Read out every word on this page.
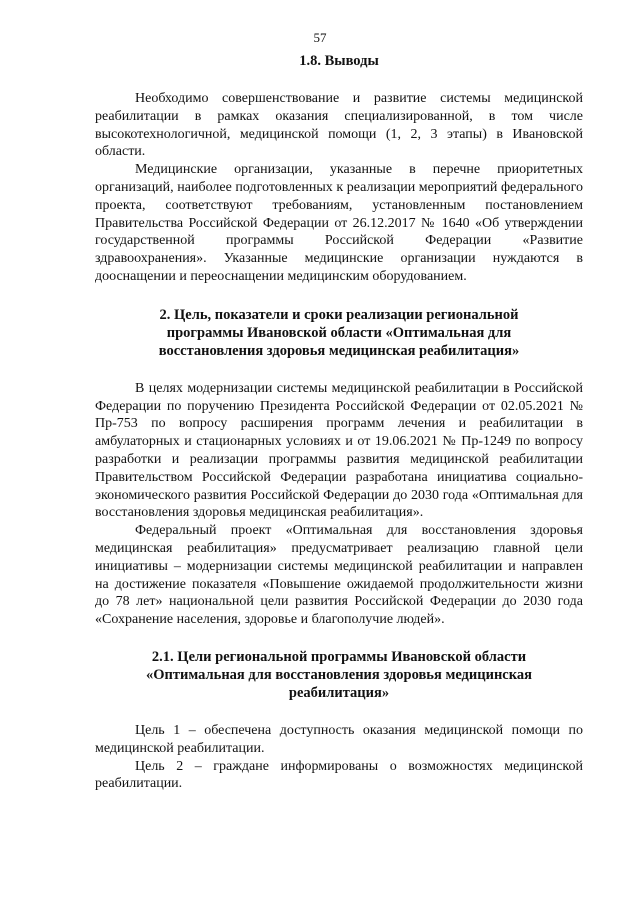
57
1.8. Выводы

Необходимо совершенствование и развитие системы медицинской реабилитации в рамках оказания специализированной, в том числе высокотехнологичной, медицинской помощи (1, 2, 3 этапы) в Ивановской области.

Медицинские организации, указанные в перечне приоритетных организаций, наиболее подготовленных к реализации мероприятий федерального проекта, соответствуют требованиям, установленным постановлением Правительства Российской Федерации от 26.12.2017 № 1640 «Об утверждении государственной программы Российской Федерации «Развитие здравоохранения». Указанные медицинские организации нуждаются в дооснащении и переоснащении медицинским оборудованием.

2. Цель, показатели и сроки реализации региональной программы Ивановской области «Оптимальная для восстановления здоровья медицинская реабилитация»

В целях модернизации системы медицинской реабилитации в Российской Федерации по поручению Президента Российской Федерации от 02.05.2021 № Пр-753 по вопросу расширения программ лечения и реабилитации в амбулаторных и стационарных условиях и от 19.06.2021 № Пр-1249 по вопросу разработки и реализации программы развития медицинской реабилитации Правительством Российской Федерации разработана инициатива социально-экономического развития Российской Федерации до 2030 года «Оптимальная для восстановления здоровья медицинская реабилитация».

Федеральный проект «Оптимальная для восстановления здоровья медицинская реабилитация» предусматривает реализацию главной цели инициативы – модернизации системы медицинской реабилитации и направлен на достижение показателя «Повышение ожидаемой продолжительности жизни до 78 лет» национальной цели развития Российской Федерации до 2030 года «Сохранение населения, здоровье и благополучие людей».

2.1. Цели региональной программы Ивановской области «Оптимальная для восстановления здоровья медицинская реабилитация»

Цель 1 – обеспечена доступность оказания медицинской помощи по медицинской реабилитации.

Цель 2 – граждане информированы о возможностях медицинской реабилитации.
